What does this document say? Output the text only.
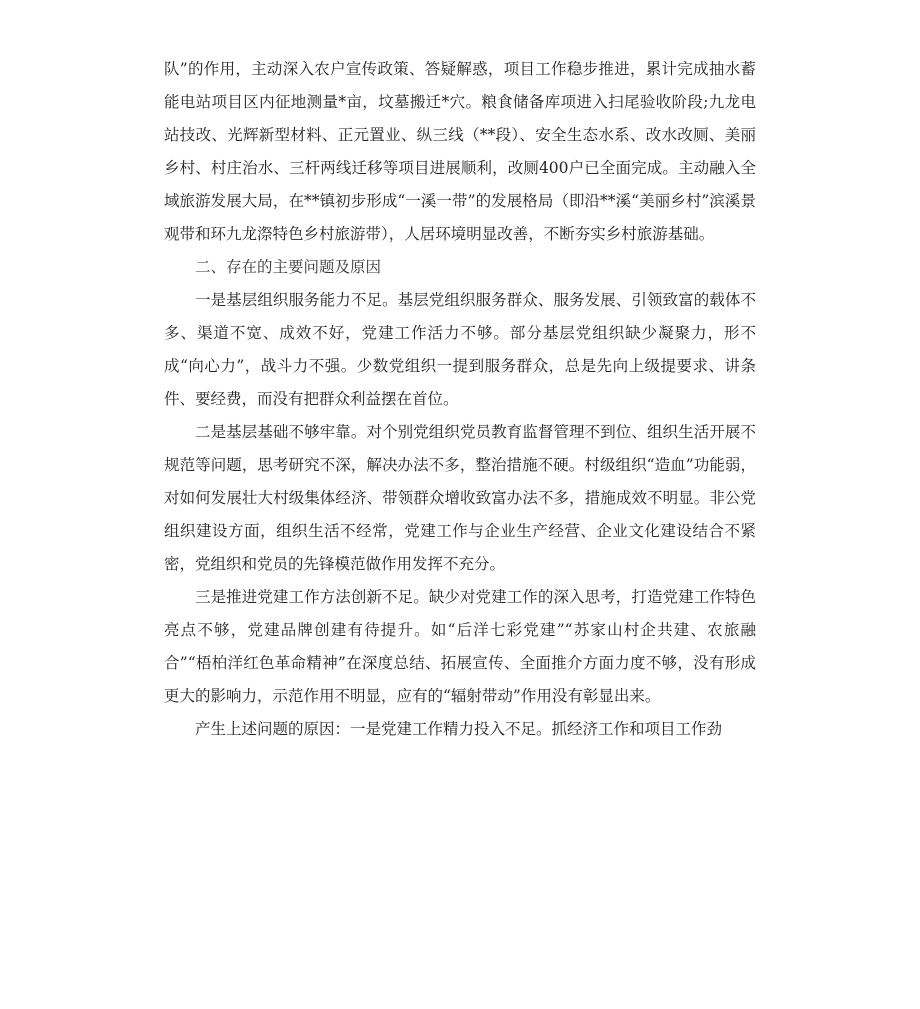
队”的作用，主动深入农户宣传政策、答疑解惑，项目工作稳步推进，累计完成抽水蓄能电站项目区内征地测量*亩，坟墓搬迁*穴。粮食储备库项进入扫尾验收阶段;九龙电站技改、光辉新型材料、正元置业、纵三线（**段）、安全生态水系、改水改厕、美丽乡村、村庄治水、三杆两线迁移等项目进展顺利，改厕400户已全面完成。主动融入全域旅游发展大局，在**镇初步形成“一溪一带”的发展格局（即沿**溪“美丽乡村”滨溪景观带和环九龙漈特色乡村旅游带），人居环境明显改善，不断夯实乡村旅游基础。

二、存在的主要问题及原因

一是基层组织服务能力不足。基层党组织服务群众、服务发展、引领致富的载体不多、渠道不宽、成效不好，党建工作活力不够。部分基层党组织缺少凝聚力，形不成“向心力”，战斗力不强。少数党组织一提到服务群众，总是先向上级提要求、讲条件、要经费，而没有把群众利益摆在首位。

二是基层基础不够牢靠。对个别党组织党员教育监督管理不到位、组织生活开展不规范等问题，思考研究不深，解决办法不多，整治措施不硬。村级组织“造血”功能弱，对如何发展壮大村级集体经济、带领群众增收致富办法不多，措施成效不明显。非公党组织建设方面，组织生活不经常，党建工作与企业生产经营、企业文化建设结合不紧密，党组织和党员的先锋模范做作用发挥不充分。

三是推进党建工作方法创新不足。缺少对党建工作的深入思考，打造党建工作特色亮点不够，党建品牌创建有待提升。如“后洋七彩党建”“苏家山村企共建、农旅融合”“梧柏洋红色革命精神”在深度总结、拓展宣传、全面推介方面力度不够，没有形成更大的影响力，示范作用不明显，应有的“辐射带动”作用没有彰显出来。

产生上述问题的原因：一是党建工作精力投入不足。抓经济工作和项目工作劲
